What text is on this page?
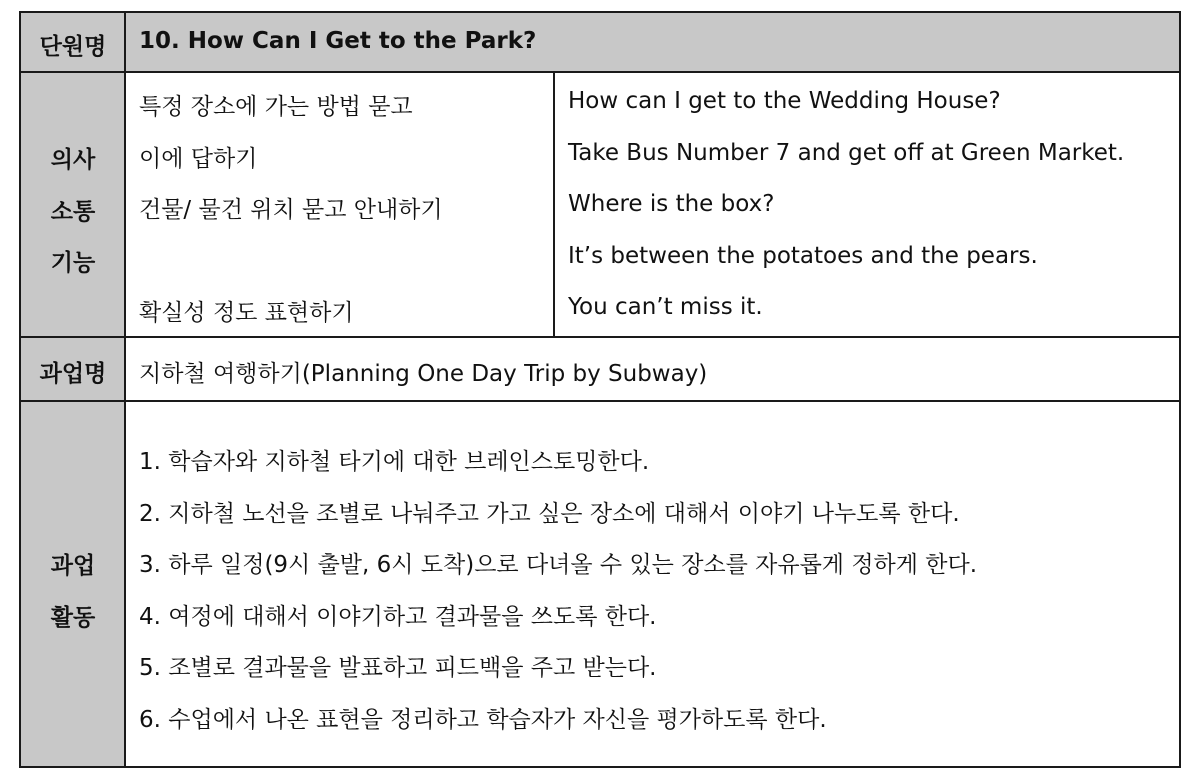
단원명	10. How Can I Get to the Park?
의사
소통
기능
특정 장소에 가는 방법 묻고
이에 답하기
건물/ 물건 위치 묻고 안내하기
확실성 정도 표현하기
How can I get to the Wedding House?
Take Bus Number 7 and get off at Green Market.
Where is the box?
It’s between the potatoes and the pears.
You can’t miss it.
과업명	지하철 여행하기(Planning One Day Trip by Subway)
과업
활동
1. 학습자와 지하철 타기에 대한 브레인스토밍한다.
2. 지하철 노선을 조별로 나눠주고 가고 싶은 장소에 대해서 이야기 나누도록 한다.
3. 하루 일정(9시 출발, 6시 도착)으로 다녀올 수 있는 장소를 자유롭게 정하게 한다.
4. 여정에 대해서 이야기하고 결과물을 쓰도록 한다.
5. 조별로 결과물을 발표하고 피드백을 주고 받는다.
6. 수업에서 나온 표현을 정리하고 학습자가 자신을 평가하도록 한다.
